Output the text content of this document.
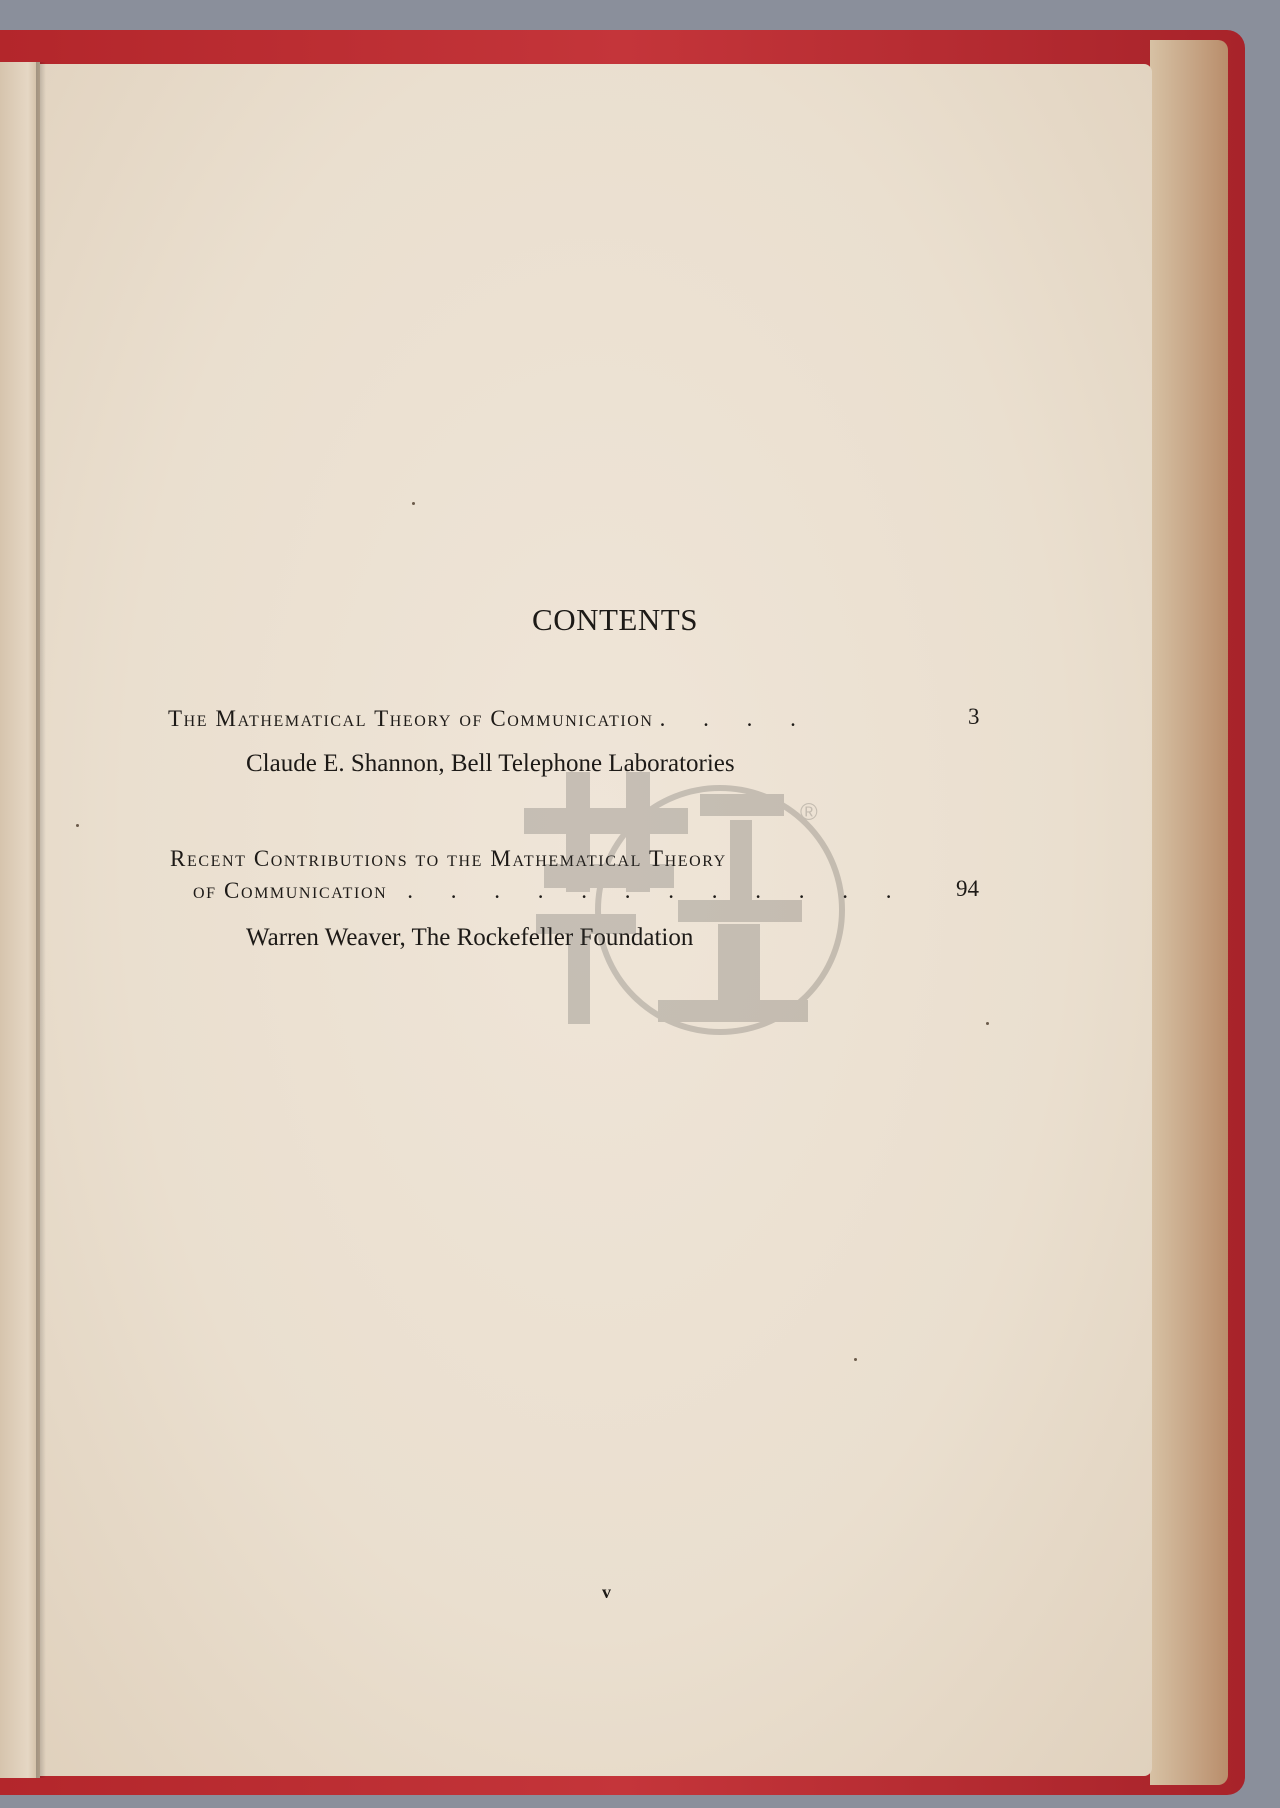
CONTENTS
The Mathematical Theory of Communication . . . .	3
Claude E. Shannon, Bell Telephone Laboratories
Recent Contributions to the Mathematical Theory
of Communication . . . . . . . . . . . . 94
Warren Weaver, The Rockefeller Foundation
v
®
